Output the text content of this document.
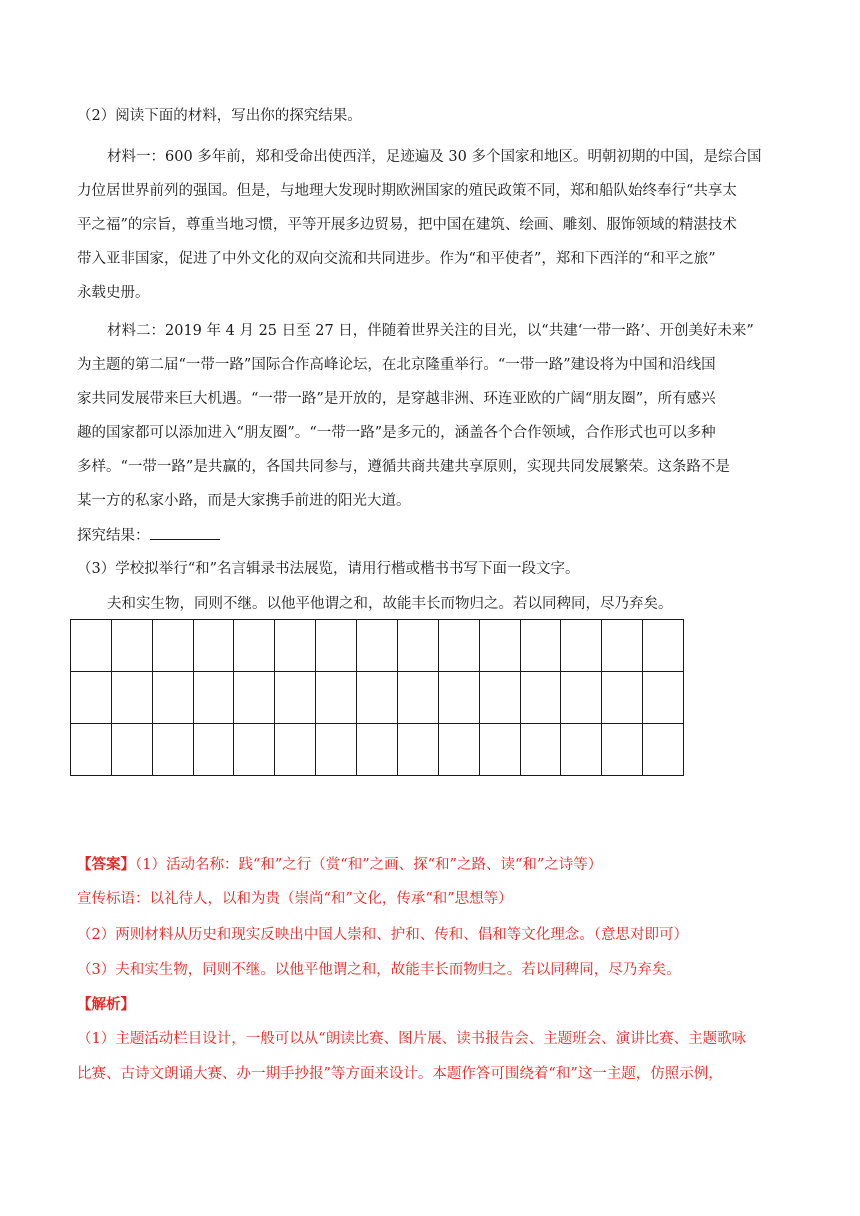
（2）阅读下面的材料，写出你的探究结果。
材料一：600 多年前，郑和受命出使西洋，足迹遍及 30 多个国家和地区。明朝初期的中国，是综合国
力位居世界前列的强国。但是，与地理大发现时期欧洲国家的殖民政策不同，郑和船队始终奉行“共享太
平之福”的宗旨，尊重当地习惯，平等开展多边贸易，把中国在建筑、绘画、雕刻、服饰领域的精湛技术
带入亚非国家，促进了中外文化的双向交流和共同进步。作为“和平使者”，郑和下西洋的“和平之旅”
永载史册。
材料二：2019 年 4 月 25 日至 27 日，伴随着世界关注的目光，以“共建‘一带一路’、开创美好未来”
为主题的第二届“一带一路”国际合作高峰论坛，在北京隆重举行。“一带一路”建设将为中国和沿线国
家共同发展带来巨大机遇。“一带一路”是开放的，是穿越非洲、环连亚欧的广阔“朋友圈”，所有感兴
趣的国家都可以添加进入“朋友圈”。“一带一路”是多元的，涵盖各个合作领域，合作形式也可以多种
多样。“一带一路”是共赢的，各国共同参与，遵循共商共建共享原则，实现共同发展繁荣。这条路不是
某一方的私家小路，而是大家携手前进的阳光大道。
探究结果：
（3）学校拟举行“和”名言辑录书法展览，请用行楷或楷书书写下面一段文字。
夫和实生物，同则不继。以他平他谓之和，故能丰长而物归之。若以同稗同，尽乃弃矣。
【答案】（1）活动名称：践“和”之行（赏“和”之画、探“和”之路、读“和”之诗等）
宣传标语：以礼待人，以和为贵（崇尚“和”文化，传承“和”思想等）
（2）两则材料从历史和现实反映出中国人崇和、护和、传和、倡和等文化理念。（意思对即可）
（3）夫和实生物，同则不继。以他平他谓之和，故能丰长而物归之。若以同稗同，尽乃弃矣。
【解析】
（1）主题活动栏目设计，一般可以从“朗读比赛、图片展、读书报告会、主题班会、演讲比赛、主题歌咏
比赛、古诗文朗诵大赛、办一期手抄报”等方面来设计。本题作答可围绕着“和”这一主题，仿照示例，
